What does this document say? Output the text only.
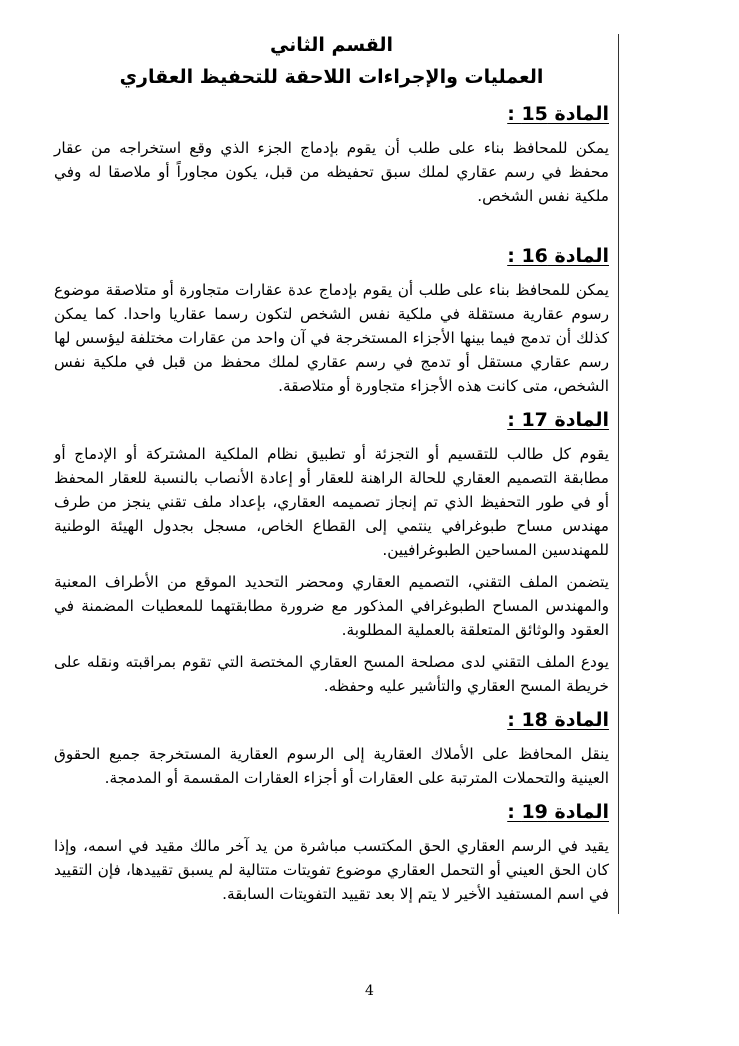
القسم الثاني
العمليات والإجراءات اللاحقة للتحفيظ العقاري
المادة 15 :

يمكن للمحافظ بناء على طلب أن يقوم بإدماج الجزء الذي وقع استخراجه من عقار محفظ في رسم عقاري لملك سبق تحفيظه من قبل، يكون مجاوراً أو ملاصقا له وفي ملكية نفس الشخص.

المادة 16 :

يمكن للمحافظ بناء على طلب أن يقوم بإدماج عدة عقارات متجاورة أو متلاصقة موضوع رسوم عقارية مستقلة في ملكية نفس الشخص لتكون رسما عقاريا واحدا. كما يمكن كذلك أن تدمج فيما بينها الأجزاء المستخرجة في آن واحد من عقارات مختلفة ليؤسس لها رسم عقاري مستقل أو تدمج في رسم عقاري لملك محفظ من قبل في ملكية نفس الشخص، متى كانت هذه الأجزاء متجاورة أو متلاصقة.

المادة 17 :

يقوم كل طالب للتقسيم أو التجزئة أو تطبيق نظام الملكية المشتركة أو الإدماج أو مطابقة التصميم العقاري للحالة الراهنة للعقار أو إعادة الأنصاب بالنسبة للعقار المحفظ أو في طور التحفيظ الذي تم إنجاز تصميمه العقاري، بإعداد ملف تقني ينجز من طرف مهندس مساح طبوغرافي ينتمي إلى القطاع الخاص، مسجل بجدول الهيئة الوطنية للمهندسين المساحين الطبوغرافيين.

يتضمن الملف التقني، التصميم العقاري ومحضر التحديد الموقع من الأطراف المعنية والمهندس المساح الطبوغرافي المذكور مع ضرورة مطابقتهما للمعطيات المضمنة في العقود والوثائق المتعلقة بالعملية المطلوبة.

يودع الملف التقني لدى مصلحة المسح العقاري المختصة التي تقوم بمراقبته ونقله على خريطة المسح العقاري والتأشير عليه وحفظه.

المادة 18 :

ينقل المحافظ على الأملاك العقارية إلى الرسوم العقارية المستخرجة جميع الحقوق العينية والتحملات المترتبة على العقارات أو أجزاء العقارات المقسمة أو المدمجة.

المادة 19 :

يقيد في الرسم العقاري الحق المكتسب مباشرة من يد آخر مالك مقيد في اسمه، وإذا كان الحق العيني أو التحمل العقاري موضوع تفويتات متتالية لم يسبق تقييدها، فإن التقييد في اسم المستفيد الأخير لا يتم إلا بعد تقييد التفويتات السابقة.

4
